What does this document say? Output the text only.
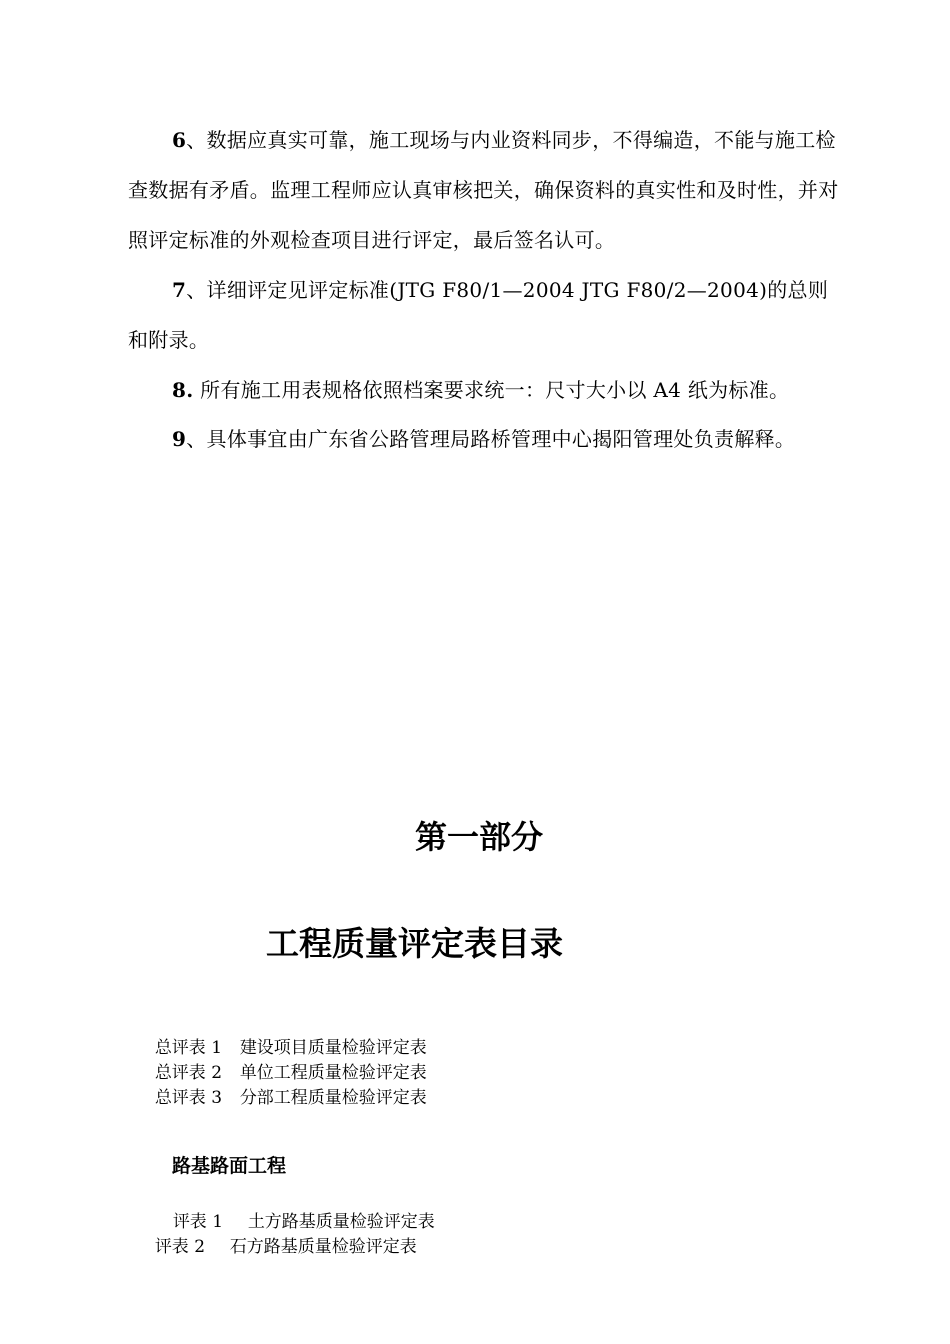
6、数据应真实可靠，施工现场与内业资料同步，不得编造，不能与施工检查数据有矛盾。监理工程师应认真审核把关，确保资料的真实性和及时性，并对照评定标准的外观检查项目进行评定，最后签名认可。
7、详细评定见评定标准(JTG F80/1—2004 JTG F80/2—2004)的总则和附录。
8. 所有施工用表规格依照档案要求统一：尺寸大小以 A4 纸为标准。
9、具体事宜由广东省公路管理局路桥管理中心揭阳管理处负责解释。
第一部分
工程质量评定表目录

总评表 1 建设项目质量检验评定表

总评表 2 单位工程质量检验评定表

总评表 3 分部工程质量检验评定表

路基路面工程

评表 1 土方路基质量检验评定表

评表 2 石方路基质量检验评定表
